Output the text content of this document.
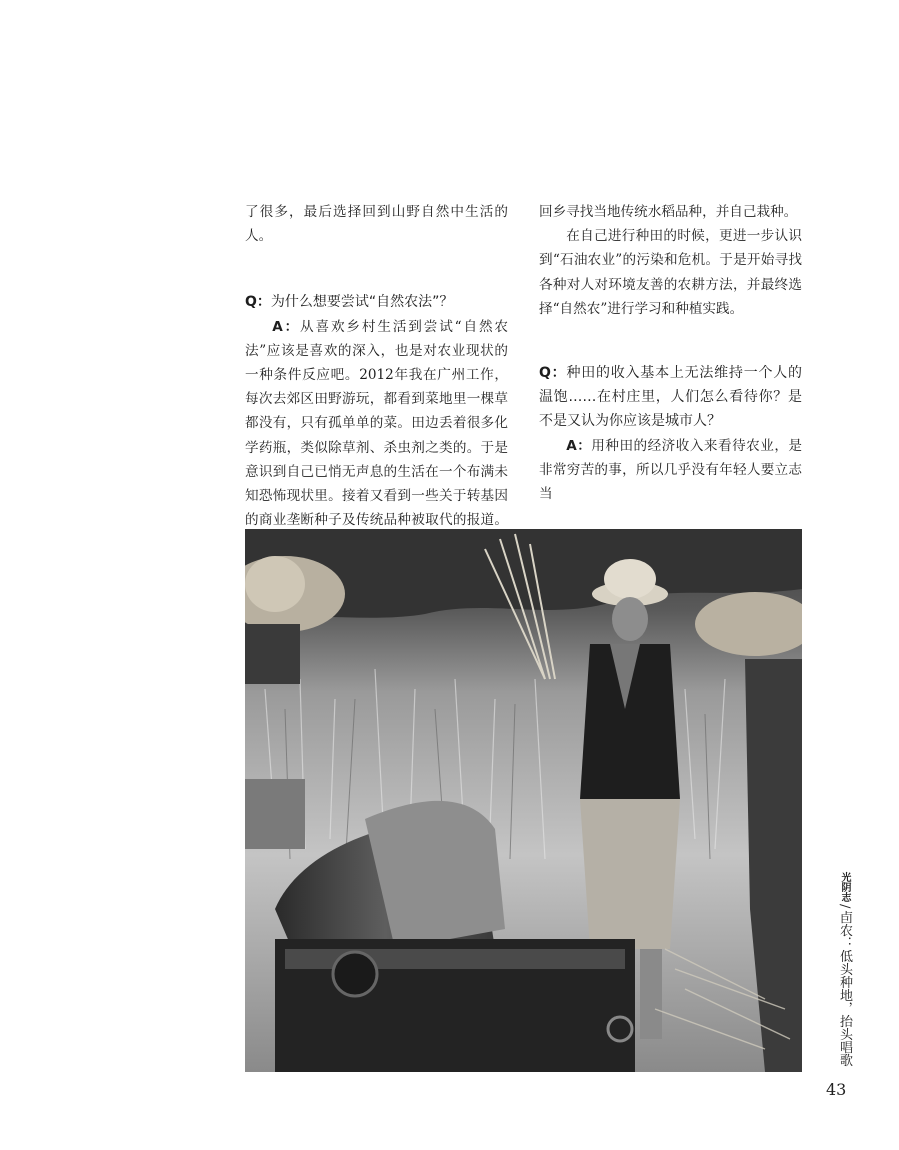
了很多，最后选择回到山野自然中生活的人。

Q：为什么想要尝试“自然农法”？

A：从喜欢乡村生活到尝试“自然农法”应该是喜欢的深入，也是对农业现状的一种条件反应吧。2012年我在广州工作，每次去郊区田野游玩，都看到菜地里一棵草都没有，只有孤单单的菜。田边丢着很多化学药瓶，类似除草剂、杀虫剂之类的。于是意识到自己已悄无声息的生活在一个布满未知恐怖现状里。接着又看到一些关于转基因的商业垄断种子及传统品种被取代的报道。

回乡寻找当地传统水稻品种，并自己栽种。

在自己进行种田的时候，更进一步认识到“石油农业”的污染和危机。于是开始寻找各种对人对环境友善的农耕方法，并最终选择“自然农”进行学习和种植实践。

Q：种田的收入基本上无法维持一个人的温饱……在村庄里，人们怎么看待你？是不是又认为你应该是城市人？

A：用种田的经济收入来看待农业，是非常穷苦的事，所以几乎没有年轻人要立志当

光阴志/卣农：低头种地，抬头唱歌
43
